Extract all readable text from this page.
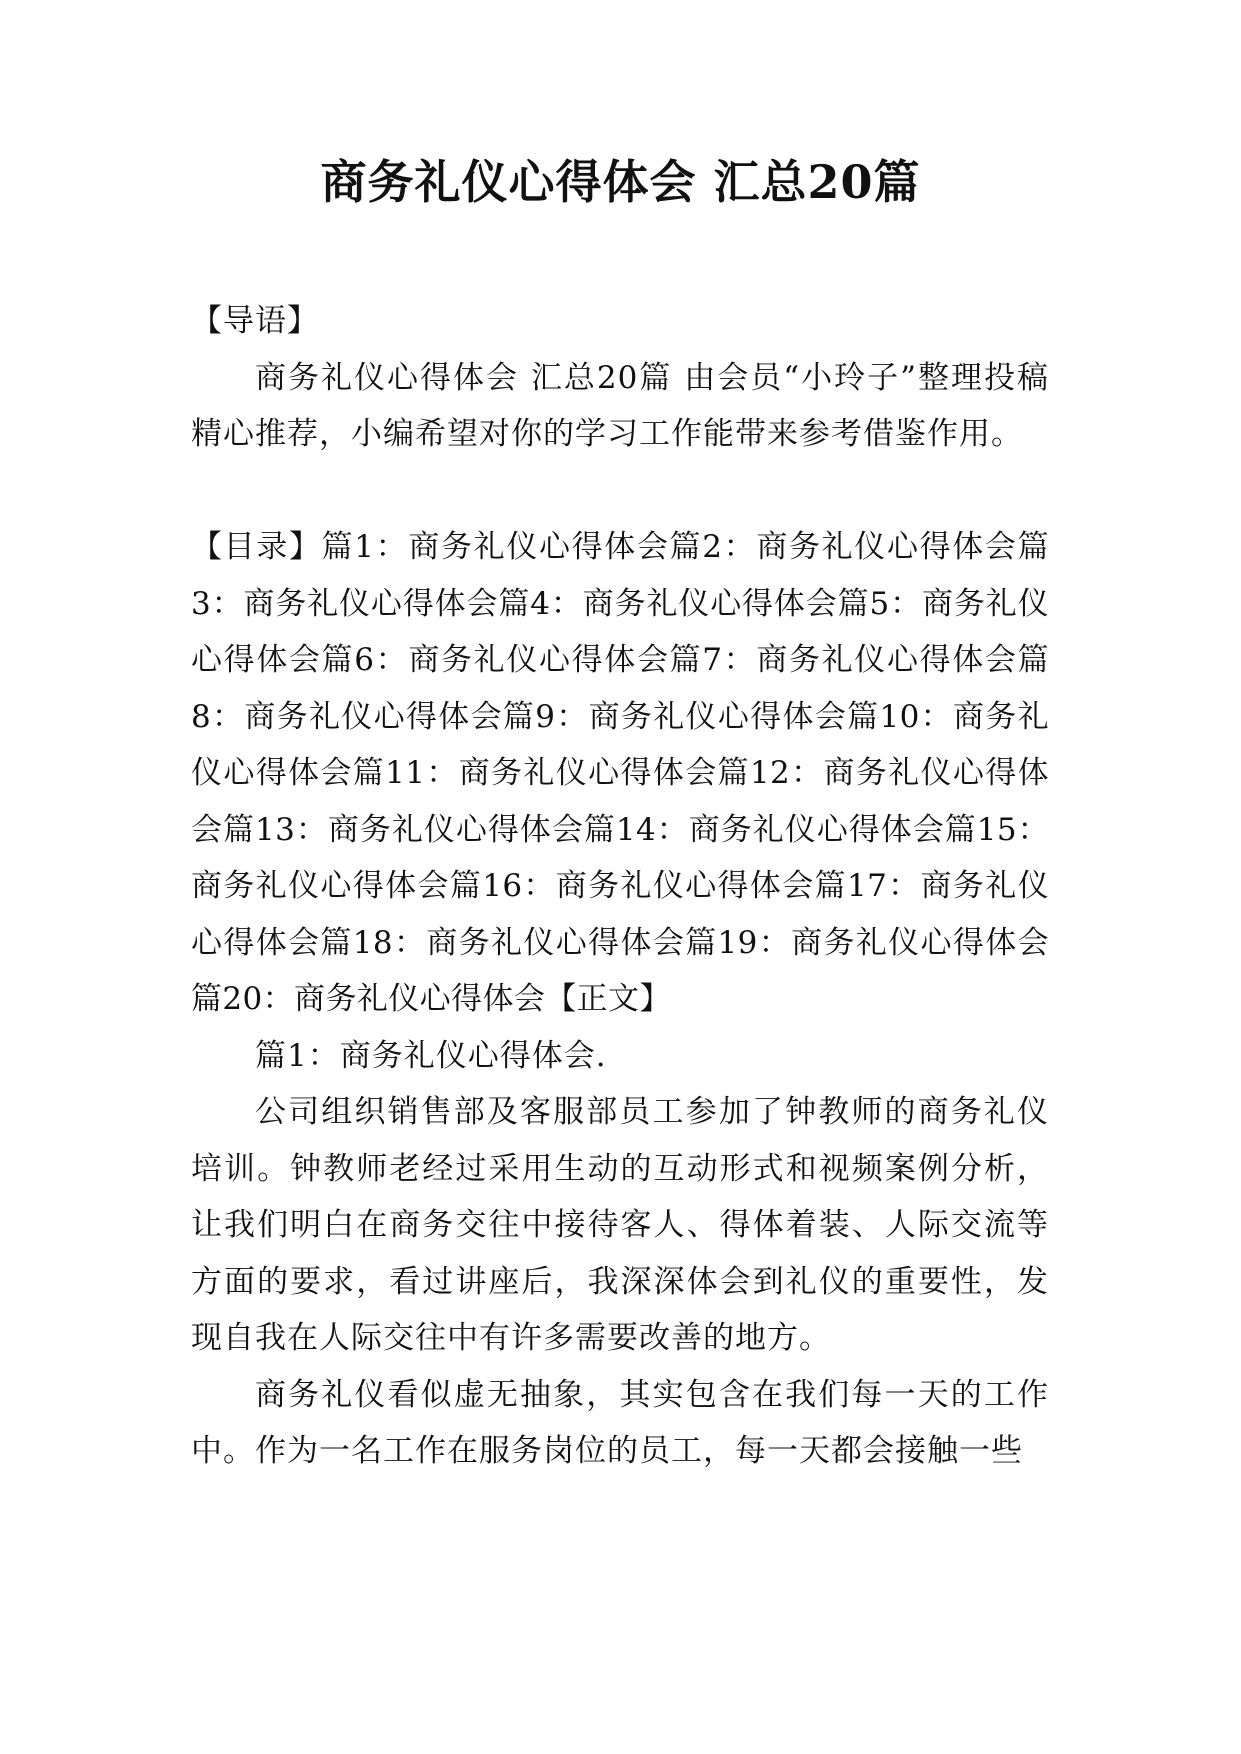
商务礼仪心得体会 汇总20篇

【导语】

商务礼仪心得体会 汇总20篇 由会员“小玲子”整理投稿精心推荐，小编希望对你的学习工作能带来参考借鉴作用。

【目录】篇1：商务礼仪心得体会篇2：商务礼仪心得体会篇3：商务礼仪心得体会篇4：商务礼仪心得体会篇5：商务礼仪心得体会篇6：商务礼仪心得体会篇7：商务礼仪心得体会篇8：商务礼仪心得体会篇9：商务礼仪心得体会篇10：商务礼仪心得体会篇11：商务礼仪心得体会篇12：商务礼仪心得体会篇13：商务礼仪心得体会篇14：商务礼仪心得体会篇15：商务礼仪心得体会篇16：商务礼仪心得体会篇17：商务礼仪心得体会篇18：商务礼仪心得体会篇19：商务礼仪心得体会篇20：商务礼仪心得体会【正文】

篇1：商务礼仪心得体会.

公司组织销售部及客服部员工参加了钟教师的商务礼仪培训。钟教师老经过采用生动的互动形式和视频案例分析，让我们明白在商务交往中接待客人、得体着装、人际交流等方面的要求，看过讲座后，我深深体会到礼仪的重要性，发现自我在人际交往中有许多需要改善的地方。

商务礼仪看似虚无抽象，其实包含在我们每一天的工作中。作为一名工作在服务岗位的员工，每一天都会接触一些
